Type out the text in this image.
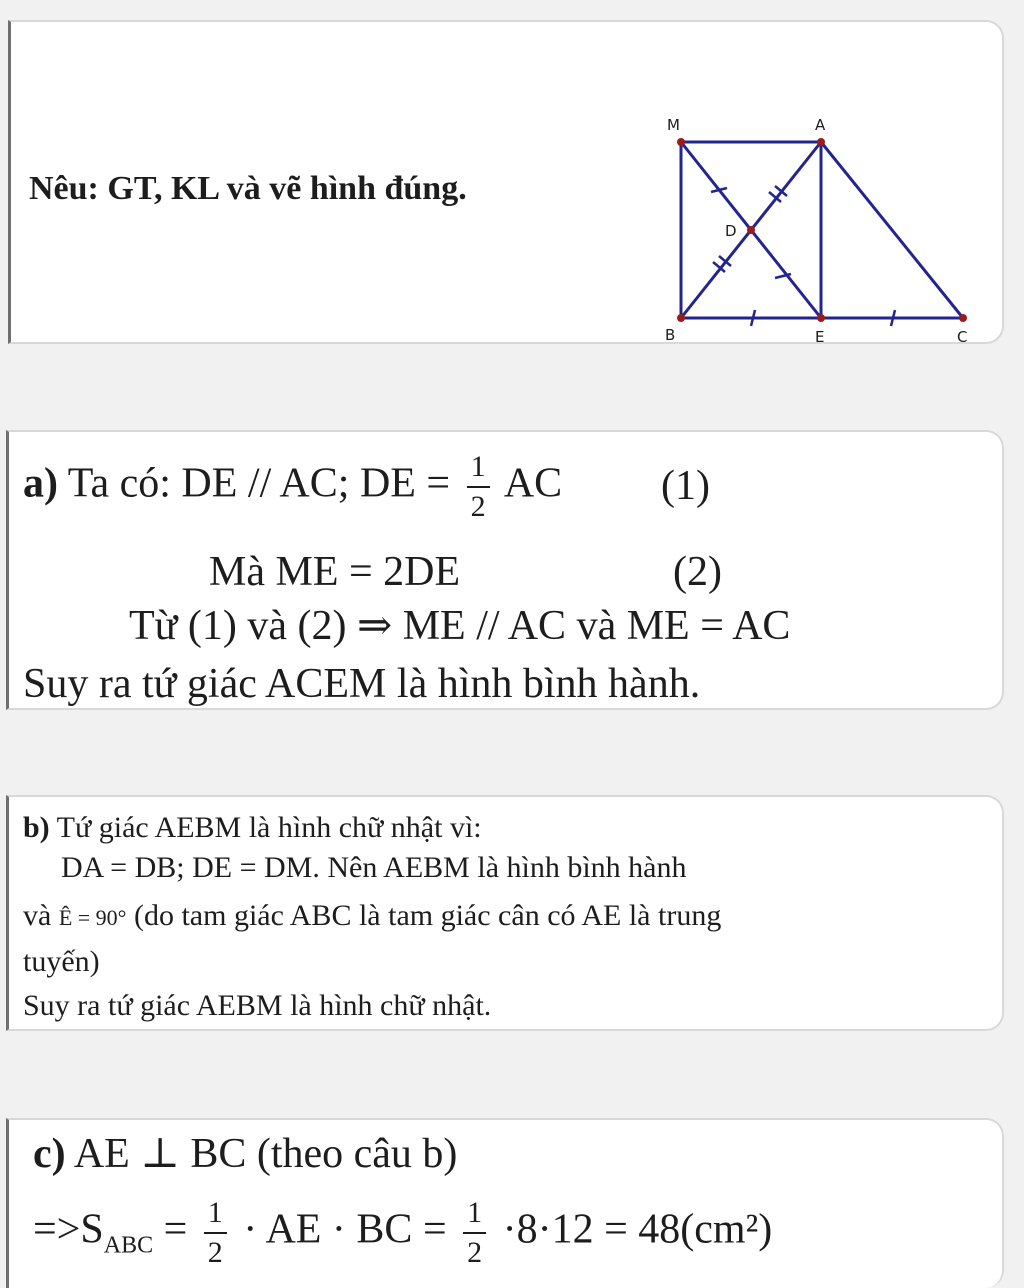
Nêu: GT, KL và vẽ hình đúng.
M	A
D
B	E	C
a) Ta có: DE // AC; DE = $\frac{1}{2}$ AC (1)
Mà ME = 2DE	(2)
Từ (1) và (2) ⇒ ME // AC và ME = AC
Suy ra tứ giác ACEM là hình bình hành.
b) Tứ giác AEBM là hình chữ nhật vì:
DA = DB; DE = DM. Nên AEBM là hình bình hành
và Ê = 90° (do tam giác ABC là tam giác cân có AE là trung
tuyến)
Suy ra tứ giác AEBM là hình chữ nhật.
c) AE ⊥ BC (theo câu b)
$=>S_{ABC} = \frac{1}{2}$ · AE · BC = $\frac{1}{2} \cdot 8\cdot 12 = 48(cm^2)$
